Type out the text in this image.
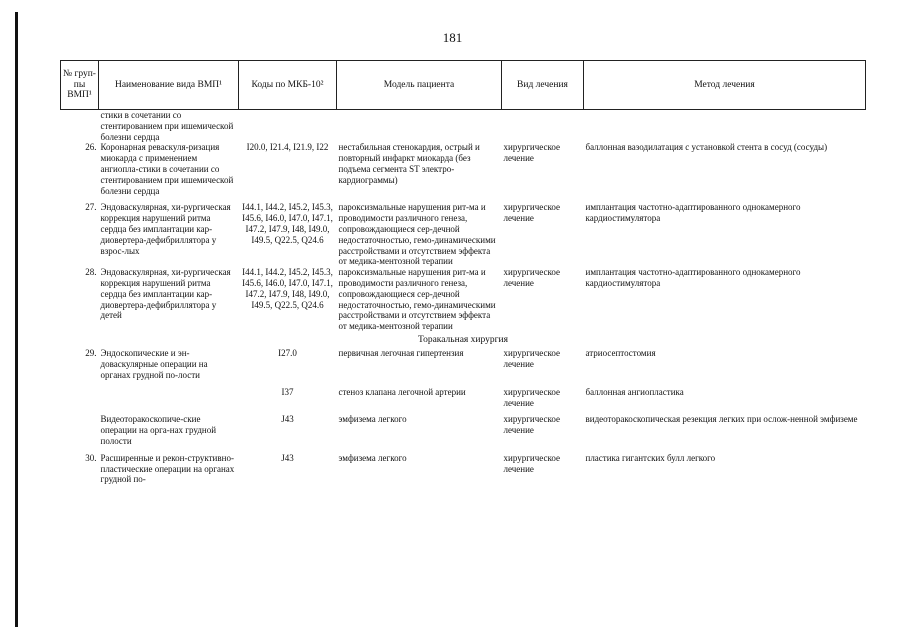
181
№ груп-пы ВМП¹	Наименование вида ВМП¹	Коды по МКБ-10²	Модель пациента	Вид лечения	Метод лечения
	стики в сочетании со стентированием при ишемической болезни сердца				
26.	Коронарная реваскуля-ризация миокарда с применением ангиопла-стики в сочетании со стентированием при ишемической болезни сердца	I20.0, I21.4, I21.9, I22	нестабильная стенокардия, острый и повторный инфаркт миокарда (без подъема сегмента ST электро-кардиограммы)	хирургическое лечение	баллонная вазодилатация с установкой стента в сосуд (сосуды)

27.	Эндоваскулярная, хи-рургическая коррекция нарушений ритма сердца без имплантации кар-диовертера-дефибриллятора у взрос-лых	I44.1, I44.2, I45.2, I45.3, I45.6, I46.0, I47.0, I47.1, I47.2, I47.9, I48, I49.0, I49.5, Q22.5, Q24.6	пароксизмальные нарушения рит-ма и проводимости различного генеза, сопровождающиеся сер-дечной недостаточностью, гемо-динамическими расстройствами и отсутствием эффекта от медика-ментозной терапии	хирургическое лечение	имплантация частотно-адаптированного однокамерного кардиостимулятора
28.	Эндоваскулярная, хи-рургическая коррекция нарушений ритма сердца без имплантации кар-диовертера-дефибриллятора у детей	I44.1, I44.2, I45.2, I45.3, I45.6, I46.0, I47.0, I47.1, I47.2, I47.9, I48, I49.0, I49.5, Q22.5, Q24.6	пароксизмальные нарушения рит-ма и проводимости различного генеза, сопровождающиеся сер-дечной недостаточностью, гемо-динамическими расстройствами и отсутствием эффекта от медика-ментозной терапии	хирургическое лечение	имплантация частотно-адаптированного однокамерного кардиостимулятора
Торакальная хирургия					
29.	Эндоскопические и эн-доваскулярные операции на органах грудной по-лости	I27.0	первичная легочная гипертензия	хирургическое лечение	атриосептостомия

		I37	стеноз клапана легочной артерии	хирургическое лечение	баллонная ангиопластика

	Видеоторакоскопиче-ские операции на орга-нах грудной полости	J43	эмфизема легкого	хирургическое лечение	видеоторакоскопическая резекция легких при ослож-ненной эмфиземе

30.	Расширенные и рекон-структивно-пластические операции на органах грудной по-	J43	эмфизема легкого	хирургическое лечение	пластика гигантских булл легкого
